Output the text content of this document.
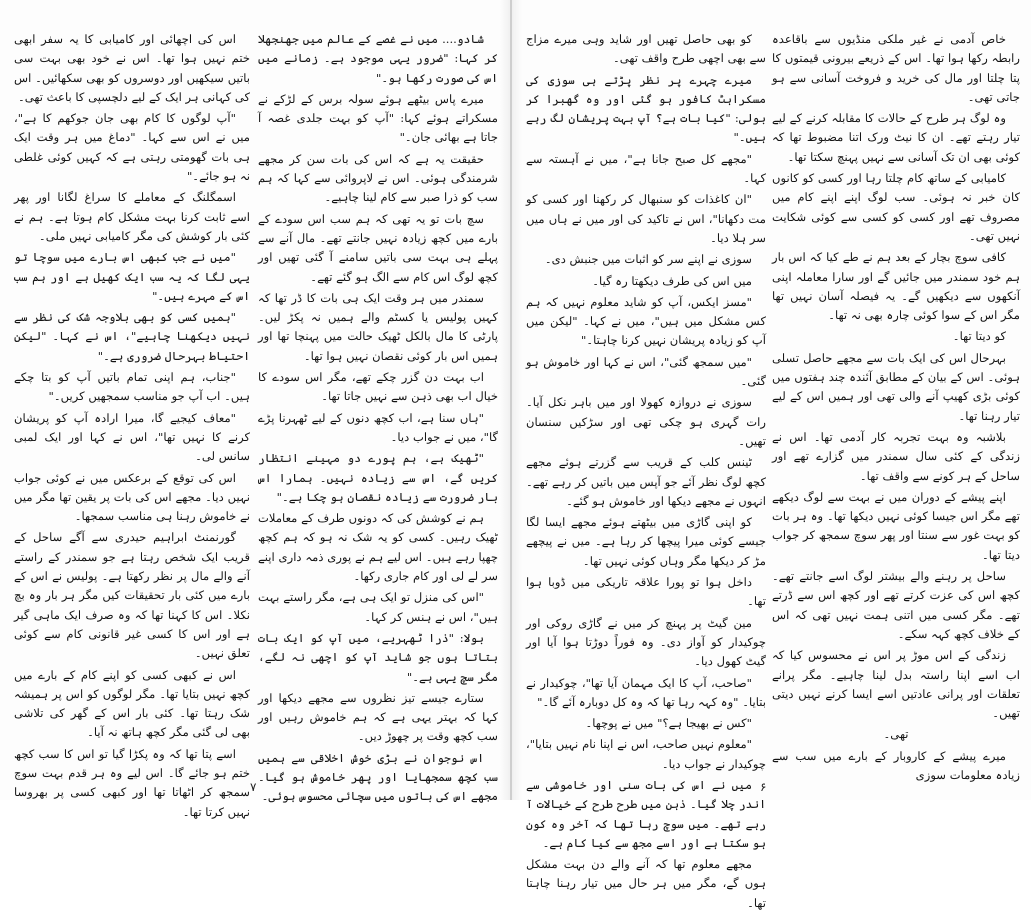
شادو.... میں نے غصے کے عالم میں جھنجھلا کر کہا: "ضرور یہی موجود ہے۔ زمانے میں اس کی صورت رکھا ہو۔"

میرے پاس بیٹھے ہوئے سولہ برس کے لڑکے نے مسکراتے ہوئے کہا: "آپ کو بہت جلدی غصہ آ جاتا ہے بھائی جان۔"

حقیقت یہ ہے کہ اس کی بات سن کر مجھے شرمندگی ہوئی۔ اس نے لاپروائی سے کہا کہ ہم سب کو ذرا صبر سے کام لینا چاہیے۔

سچ بات تو یہ تھی کہ ہم سب اس سودے کے بارے میں کچھ زیادہ نہیں جانتے تھے۔ مال آنے سے پہلے ہی بہت سی باتیں سامنے آ گئی تھیں اور کچھ لوگ اس کام سے الگ ہو گئے تھے۔

سمندر میں ہر وقت ایک ہی بات کا ڈر تھا کہ کہیں پولیس یا کسٹم والے ہمیں نہ پکڑ لیں۔ پارٹی کا مال بالکل ٹھیک حالت میں پہنچا تھا اور ہمیں اس بار کوئی نقصان نہیں ہوا تھا۔

اب بہت دن گزر چکے تھے، مگر اس سودے کا خیال اب بھی ذہن سے نہیں جاتا تھا۔

"ہاں سنا ہے، اب کچھ دنوں کے لیے ٹھہرنا پڑے گا"، میں نے جواب دیا۔

"ٹھیک ہے، ہم پورے دو مہینے انتظار کریں گے، اس سے زیادہ نہیں۔ ہمارا اس بار ضرورت سے زیادہ نقصان ہو چکا ہے۔"

ہم نے کوشش کی کہ دونوں طرف کے معاملات ٹھیک رہیں۔ کسی کو یہ شک نہ ہو کہ ہم کچھ چھپا رہے ہیں۔ اس لیے ہم نے پوری ذمہ داری اپنے سر لے لی اور کام جاری رکھا۔

"اس کی منزل تو ایک ہی ہے، مگر راستے بہت ہیں"، اس نے ہنس کر کہا۔

بولا: "ذرا ٹھہریے، میں آپ کو ایک بات بتاتا ہوں جو شاید آپ کو اچھی نہ لگے، مگر سچ یہی ہے۔"

ستارے جیسے تیز نظروں سے مجھے دیکھا اور کہا کہ بہتر یہی ہے کہ ہم خاموش رہیں اور سب کچھ وقت پر چھوڑ دیں۔

اس نوجوان نے بڑی خوش اخلاقی سے ہمیں سب کچھ سمجھایا اور پھر خاموش ہو گیا۔ مجھے اس کی باتوں میں سچائی محسوس ہوئی۔

اس کی اچھائی اور کامیابی کا یہ سفر ابھی ختم نہیں ہوا تھا۔ اس نے خود بھی بہت سی باتیں سیکھیں اور دوسروں کو بھی سکھائیں۔ اس کی کہانی ہر ایک کے لیے دلچسپی کا باعث تھی۔

"آپ لوگوں کا کام بھی جان جوکھم کا ہے"، میں نے اس سے کہا۔ "دماغ میں ہر وقت ایک ہی بات گھومتی رہتی ہے کہ کہیں کوئی غلطی نہ ہو جائے۔"

اسمگلنگ کے معاملے کا سراغ لگانا اور پھر اسے ثابت کرنا بہت مشکل کام ہوتا ہے۔ ہم نے کئی بار کوشش کی مگر کامیابی نہیں ملی۔

"میں نے جب کبھی اس بارے میں سوچا تو یہی لگا کہ یہ سب ایک کھیل ہے اور ہم سب اس کے مہرے ہیں۔"

"ہمیں کسی کو بھی بلاوجہ شک کی نظر سے نہیں دیکھنا چاہیے"، اس نے کہا۔ "لیکن احتیاط بہرحال ضروری ہے۔"

"جناب، ہم اپنی تمام باتیں آپ کو بتا چکے ہیں۔ اب آپ جو مناسب سمجھیں کریں۔"

"معاف کیجیے گا، میرا ارادہ آپ کو پریشان کرنے کا نہیں تھا"، اس نے کہا اور ایک لمبی سانس لی۔

اس کی توقع کے برعکس میں نے کوئی جواب نہیں دیا۔ مجھے اس کی بات پر یقین تھا مگر میں نے خاموش رہنا ہی مناسب سمجھا۔

گورنمنٹ ابراہیم حیدری سے آگے ساحل کے قریب ایک شخص رہتا ہے جو سمندر کے راستے آنے والے مال پر نظر رکھتا ہے۔ پولیس نے اس کے بارے میں کئی بار تحقیقات کیں مگر ہر بار وہ بچ نکلا۔ اس کا کہنا تھا کہ وہ صرف ایک ماہی گیر ہے اور اس کا کسی غیر قانونی کام سے کوئی تعلق نہیں۔

اس نے کبھی کسی کو اپنے کام کے بارے میں کچھ نہیں بتایا تھا۔ مگر لوگوں کو اس پر ہمیشہ شک رہتا تھا۔ کئی بار اس کے گھر کی تلاشی بھی لی گئی مگر کچھ ہاتھ نہ آیا۔

اسے پتا تھا کہ وہ پکڑا گیا تو اس کا سب کچھ ختم ہو جائے گا۔ اس لیے وہ ہر قدم بہت سوچ سمجھ کر اٹھاتا تھا اور کبھی کسی پر بھروسا نہیں کرتا تھا۔

۷

خاص آدمی نے غیر ملکی منڈیوں سے باقاعدہ رابطہ رکھا ہوا تھا۔ اس کے ذریعے بیرونی قیمتوں کا پتا چلتا اور مال کی خرید و فروخت آسانی سے ہو جاتی تھی۔

وہ لوگ ہر طرح کے حالات کا مقابلہ کرنے کے لیے تیار رہتے تھے۔ ان کا نیٹ ورک اتنا مضبوط تھا کہ کوئی بھی ان تک آسانی سے نہیں پہنچ سکتا تھا۔

کامیابی کے ساتھ کام چلتا رہا اور کسی کو کانوں کان خبر نہ ہوئی۔ سب لوگ اپنے اپنے کام میں مصروف تھے اور کسی کو کسی سے کوئی شکایت نہیں تھی۔

کافی سوچ بچار کے بعد ہم نے طے کیا کہ اس بار ہم خود سمندر میں جائیں گے اور سارا معاملہ اپنی آنکھوں سے دیکھیں گے۔ یہ فیصلہ آسان نہیں تھا مگر اس کے سوا کوئی چارہ بھی نہ تھا۔

کو دیتا تھا۔

بہرحال اس کی ایک بات سے مجھے حاصل تسلی ہوئی۔ اس کے بیان کے مطابق آئندہ چند ہفتوں میں کوئی بڑی کھیپ آنے والی تھی اور ہمیں اس کے لیے تیار رہنا تھا۔

بلاشبہ وہ بہت تجربہ کار آدمی تھا۔ اس نے زندگی کے کئی سال سمندر میں گزارے تھے اور ساحل کے ہر کونے سے واقف تھا۔

اپنے پیشے کے دوران میں نے بہت سے لوگ دیکھے تھے مگر اس جیسا کوئی نہیں دیکھا تھا۔ وہ ہر بات کو بہت غور سے سنتا اور پھر سوچ سمجھ کر جواب دیتا تھا۔

ساحل پر رہنے والے بیشتر لوگ اسے جانتے تھے۔ کچھ اس کی عزت کرتے تھے اور کچھ اس سے ڈرتے تھے۔ مگر کسی میں اتنی ہمت نہیں تھی کہ اس کے خلاف کچھ کہہ سکے۔

زندگی کے اس موڑ پر اس نے محسوس کیا کہ اب اسے اپنا راستہ بدل لینا چاہیے۔ مگر پرانے تعلقات اور پرانی عادتیں اسے ایسا کرنے نہیں دیتی تھیں۔

تھی۔

میرے پیشے کے کاروبار کے بارے میں سب سے زیادہ معلومات سوزی

کو بھی حاصل تھیں اور شاید وہی میرے مزاج سے بھی اچھی طرح واقف تھی۔

میرے چہرے پر نظر پڑتے ہی سوزی کی مسکراہٹ کافور ہو گئی اور وہ گھبرا کر بولی: "کیا بات ہے؟ آپ بہت پریشان لگ رہے ہیں۔"

"مجھے کل صبح جانا ہے"، میں نے آہستہ سے کہا۔

"ان کاغذات کو سنبھال کر رکھنا اور کسی کو مت دکھانا"، اس نے تاکید کی اور میں نے ہاں میں سر ہلا دیا۔

سوزی نے اپنے سر کو اثبات میں جنبش دی۔

میں اس کی طرف دیکھتا رہ گیا۔

"مسز ایکس، آپ کو شاید معلوم نہیں کہ ہم کس مشکل میں ہیں"، میں نے کہا۔ "لیکن میں آپ کو زیادہ پریشان نہیں کرنا چاہتا۔"

"میں سمجھ گئی"، اس نے کہا اور خاموش ہو گئی۔

سوزی نے دروازہ کھولا اور میں باہر نکل آیا۔ رات گہری ہو چکی تھی اور سڑکیں سنسان تھیں۔

ٹینس کلب کے قریب سے گزرتے ہوئے مجھے کچھ لوگ نظر آئے جو آپس میں باتیں کر رہے تھے۔ انہوں نے مجھے دیکھا اور خاموش ہو گئے۔

کو اپنی گاڑی میں بیٹھتے ہوئے مجھے ایسا لگا جیسے کوئی میرا پیچھا کر رہا ہے۔ میں نے پیچھے مڑ کر دیکھا مگر وہاں کوئی نہیں تھا۔

داخل ہوا تو پورا علاقہ تاریکی میں ڈوبا ہوا تھا۔

مین گیٹ پر پہنچ کر میں نے گاڑی روکی اور چوکیدار کو آواز دی۔ وہ فوراً دوڑتا ہوا آیا اور گیٹ کھول دیا۔

"صاحب، آپ کا ایک مہمان آیا تھا"، چوکیدار نے بتایا۔ "وہ کہہ رہا تھا کہ وہ کل دوبارہ آئے گا۔"

"کس نے بھیجا ہے؟" میں نے پوچھا۔

"معلوم نہیں صاحب، اس نے اپنا نام نہیں بتایا"، چوکیدار نے جواب دیا۔

میں نے اس کی بات سنی اور خاموشی سے اندر چلا گیا۔ ذہن میں طرح طرح کے خیالات آ رہے تھے۔ میں سوچ رہا تھا کہ آخر وہ کون ہو سکتا ہے اور اسے مجھ سے کیا کام ہے۔

مجھے معلوم تھا کہ آنے والے دن بہت مشکل ہوں گے، مگر میں ہر حال میں تیار رہنا چاہتا تھا۔

۶
